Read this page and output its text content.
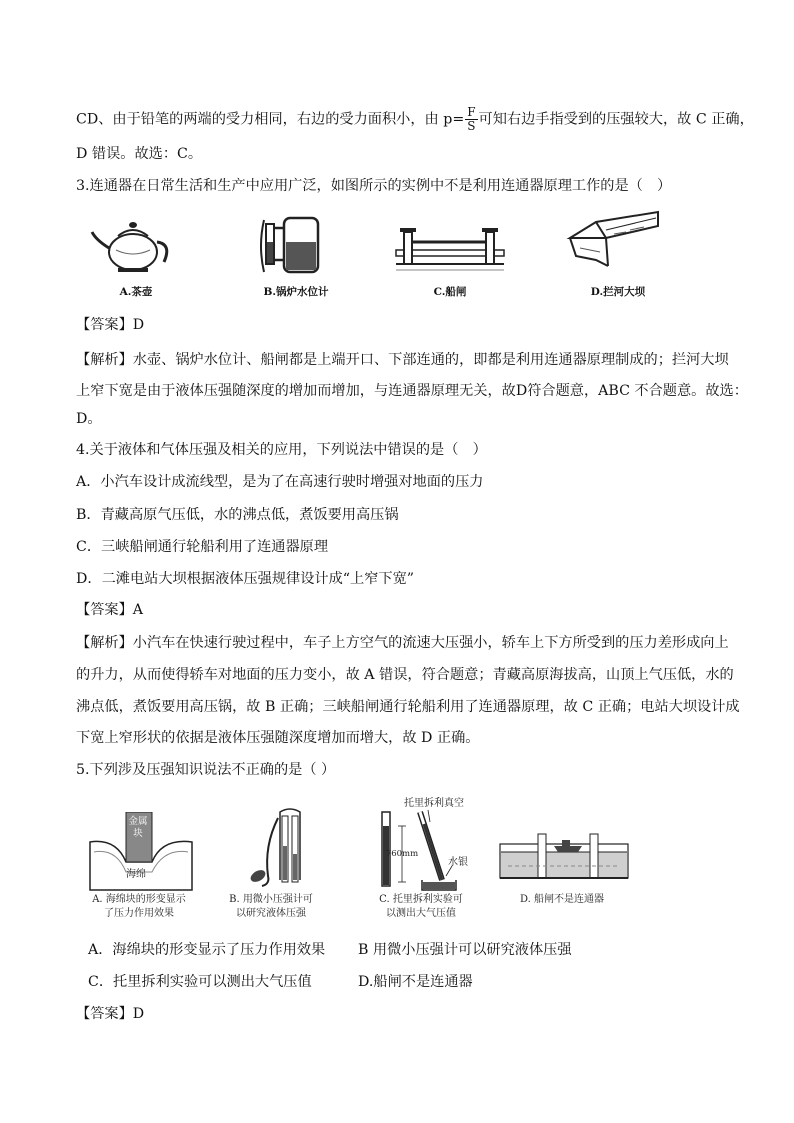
CD、由于铅笔的两端的受力相同，右边的受力面积小，由 $p= \frac{F}{S}$ 可知右边手指受到的压强较大，故 C 正确，
D 错误。故选：C。
3.连通器在日常生活和生产中应用广泛，如图所示的实例中不是利用连通器原理工作的是（　）
A.茶壶	B.锅炉水位计	C.船闸	D.拦河大坝
【答案】D
【解析】水壶、锅炉水位计、船闸都是上端开口、下部连通的，即都是利用连通器原理制成的；拦河大坝
上窄下宽是由于液体压强随深度的增加而增加，与连通器原理无关，故D符合题意，ABC 不合题意。故选：
D。
4.关于液体和气体压强及相关的应用，下列说法中错误的是（　）
A．小汽车设计成流线型，是为了在高速行驶时增强对地面的压力
B．青藏高原气压低，水的沸点低，煮饭要用高压锅
C．三峡船闸通行轮船利用了连通器原理
D．二滩电站大坝根据液体压强规律设计成“上窄下宽”
【答案】A
【解析】小汽车在快速行驶过程中，车子上方空气的流速大压强小，轿车上下方所受到的压力差形成向上
的升力，从而使得轿车对地面的压力变小，故 A 错误，符合题意；青藏高原海拔高，山顶上气压低，水的
沸点低，煮饭要用高压锅，故 B 正确；三峡船闸通行轮船利用了连通器原理，故 C 正确；电站大坝设计成
下宽上窄形状的依据是液体压强随深度增加而增大，故 D 正确。
5.下列涉及压强知识说法不正确的是（ ）
金属块
海绵
A. 海绵块的形变显示
了压力作用效果
B. 用微小压强计可
以研究液体压强
托里拆利真空
760mm
水银
C. 托里拆利实验可
以测出大气压值
D. 船闸不是连通器
A．海绵块的形变显示了压力作用效果 B 用微小压强计可以研究液体压强
C．托里拆利实验可以测出大气压值	D.船闸不是连通器
【答案】D
